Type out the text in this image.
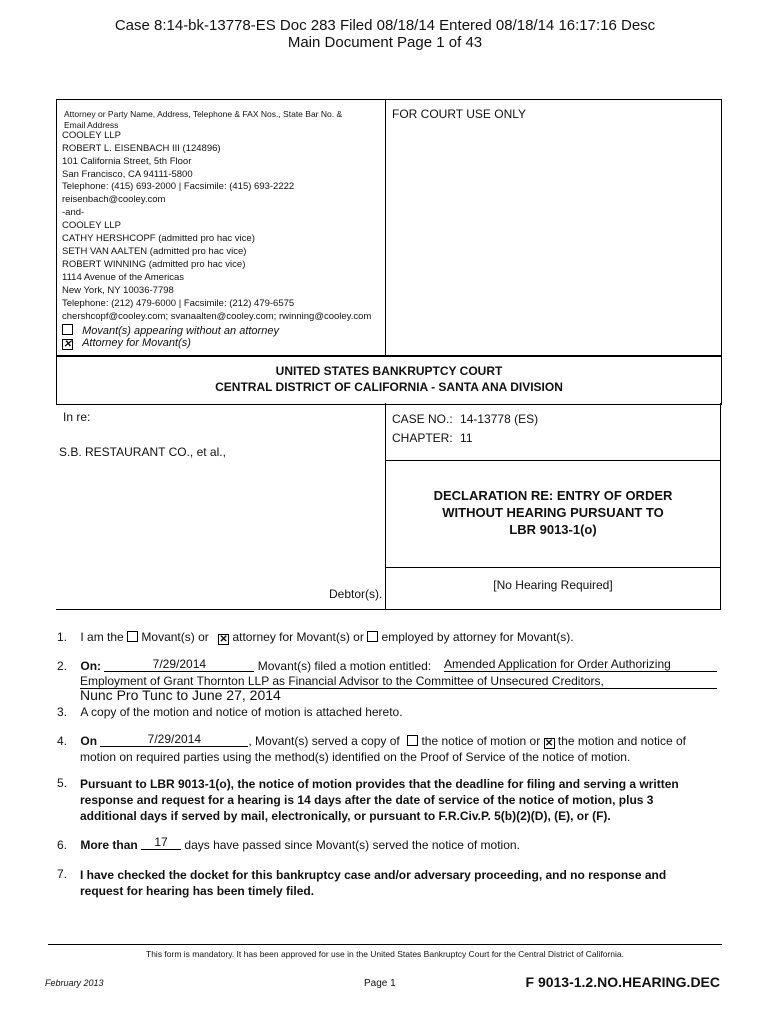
Case 8:14-bk-13778-ES Doc 283 Filed 08/18/14 Entered 08/18/14 16:17:16 Desc
Main Document Page 1 of 43
Attorney or Party Name, Address, Telephone & FAX Nos., State Bar No. &
Email Address
COOLEY LLP
ROBERT L. EISENBACH III (124896)
101 California Street, 5th Floor
San Francisco, CA 94111-5800
Telephone: (415) 693-2000 | Facsimile: (415) 693-2222
reisenbach@cooley.com
-and-
COOLEY LLP
CATHY HERSHCOPF (admitted pro hac vice)
SETH VAN AALTEN (admitted pro hac vice)
ROBERT WINNING (admitted pro hac vice)
1114 Avenue of the Americas
New York, NY 10036-7798
Telephone: (212) 479-6000 | Facsimile: (212) 479-6575
chershcopf@cooley.com; svanaalten@cooley.com; rwinning@cooley.com
Movant(s) appearing without an attorney
✕ Attorney for Movant(s)
FOR COURT USE ONLY
UNITED STATES BANKRUPTCY COURT
CENTRAL DISTRICT OF CALIFORNIA - SANTA ANA DIVISION
In re:
S.B. RESTAURANT CO., et al.,
Debtor(s).
CASE NO.: 14-13778 (ES)
CHAPTER: 11
DECLARATION RE: ENTRY OF ORDER
WITHOUT HEARING PURSUANT TO
LBR 9013-1(o)
[No Hearing Required]
1. I am the Movant(s) or ✕ attorney for Movant(s) or employed by attorney for Movant(s).
2. On:	7/29/2014	Movant(s) filed a motion entitled: Amended Application for Order Authorizing
Employment of Grant Thornton LLP as Financial Advisor to the Committee of Unsecured Creditors,
Nunc Pro Tunc to June 27, 2014
3. A copy of the motion and notice of motion is attached hereto.
4. On	7/29/2014	, Movant(s) served a copy of the notice of motion or ✕ the motion and notice of
motion on required parties using the method(s) identified on the Proof of Service of the notice of motion.
5. Pursuant to LBR 9013-1(o), the notice of motion provides that the deadline for filing and serving a written
response and request for a hearing is 14 days after the date of service of the notice of motion, plus 3
additional days if served by mail, electronically, or pursuant to F.R.Civ.P. 5(b)(2)(D), (E), or (F).
6. More than 17 days have passed since Movant(s) served the notice of motion.
7. I have checked the docket for this bankruptcy case and/or adversary proceeding, and no response and
request for hearing has been timely filed.
This form is mandatory. It has been approved for use in the United States Bankruptcy Court for the Central District of California.
February 2013	Page 1	F 9013-1.2.NO.HEARING.DEC
